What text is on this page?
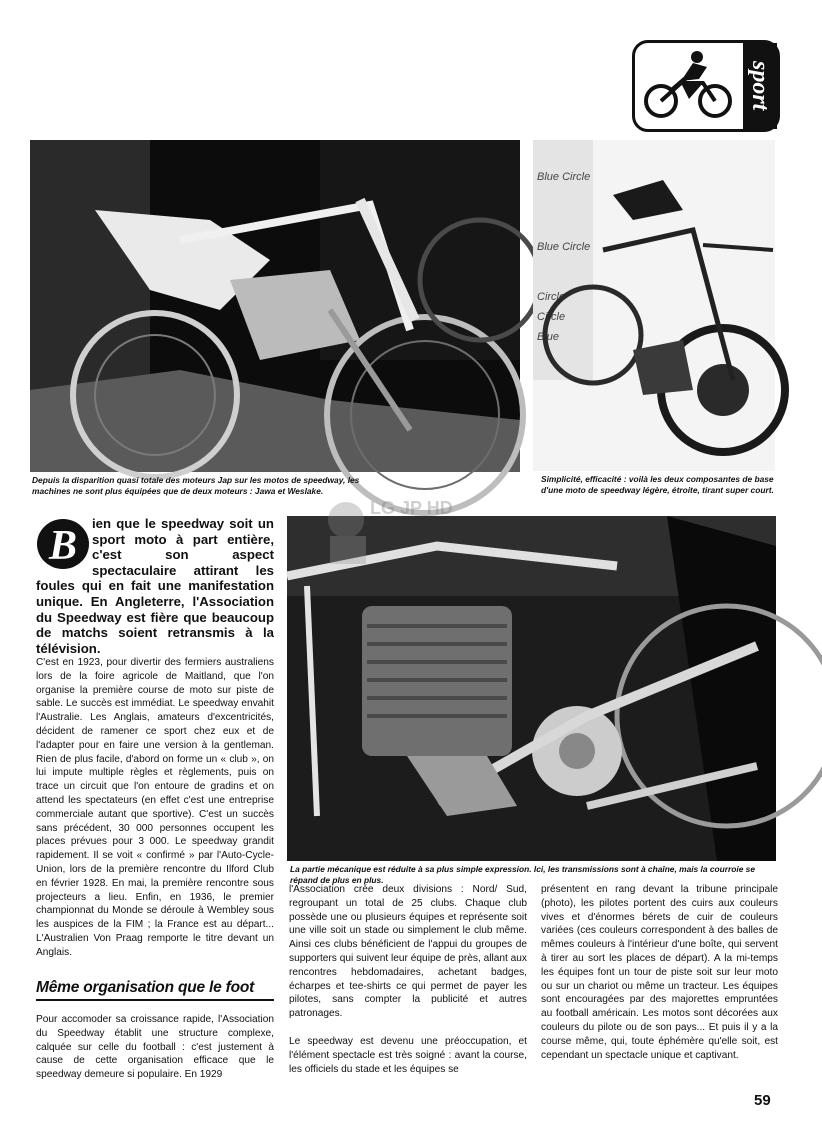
sport
Depuis la disparition quasi totale des moteurs Jap sur les motos de speedway, les machines ne sont plus équipées que de deux moteurs : Jawa et Weslake.
Blue Circle
Blue Circle
Circle
Circle
Blue
Simplicité, efficacité : voilà les deux composantes de base d'une moto de speedway légère, étroite, tirant super court.
La partie mécanique est réduite à sa plus simple expression. Ici, les transmissions sont à chaîne, mais la courroie se répand de plus en plus.
LG JP HD
B	ien que le speedway soit un sport moto à part entière, c'est son aspect spectaculaire attirant les foules qui en fait une manifestation unique. En Angleterre, l'Association du Speedway est fière que beaucoup de matchs soient retransmis à la télévision.
C'est en 1923, pour divertir des fermiers australiens lors de la foire agricole de Maitland, que l'on organise la première course de moto sur piste de sable. Le succès est immédiat. Le speedway envahit l'Australie. Les Anglais, amateurs d'excentricités, décident de ramener ce sport chez eux et de l'adapter pour en faire une version à la gentleman. Rien de plus facile, d'abord on forme un « club », on lui impute multiple règles et règlements, puis on trace un circuit que l'on entoure de gradins et on attend les spectateurs (en effet c'est une entreprise commerciale autant que sportive). C'est un succès sans précédent, 30 000 personnes occupent les places prévues pour 3 000. Le speedway grandit rapidement. Il se voit « confirmé » par l'Auto-Cycle-Union, lors de la première rencontre du Ilford Club en février 1928. En mai, la première rencontre sous projecteurs a lieu. Enfin, en 1936, le premier championnat du Monde se déroule à Wembley sous les auspices de la FIM ; la France est au départ... L'Australien Von Praag remporte le titre devant un Anglais.
Même organisation que le foot
Pour accomoder sa croissance rapide, l'Association du Speedway établit une structure complexe, calquée sur celle du football : c'est justement à cause de cette organisation efficace que le speedway demeure si populaire. En 1929
l'Association crée deux divisions : Nord/ Sud, regroupant un total de 25 clubs. Chaque club possède une ou plusieurs équipes et représente soit une ville soit un stade ou simplement le club même. Ainsi ces clubs bénéficient de l'appui du groupes de supporters qui suivent leur équipe de près, allant aux rencontres hebdomadaires, achetant badges, écharpes et tee-shirts ce qui permet de payer les pilotes, sans compter la publicité et autres patronages.
Le speedway est devenu une préoccupation, et l'élément spectacle est très soigné : avant la course, les officiels du stade et les équipes se
présentent en rang devant la tribune principale (photo), les pilotes portent des cuirs aux couleurs vives et d'énormes bérets de cuir de couleurs variées (ces couleurs correspondent à des balles de mêmes couleurs à l'intérieur d'une boîte, qui servent à tirer au sort les places de départ). A la mi-temps les équipes font un tour de piste soit sur leur moto ou sur un chariot ou même un tracteur. Les équipes sont encouragées par des majorettes empruntées au football américain. Les motos sont décorées aux couleurs du pilote ou de son pays... Et puis il y a la course même, qui, toute éphémère qu'elle soit, est cependant un spectacle unique et captivant.
59
